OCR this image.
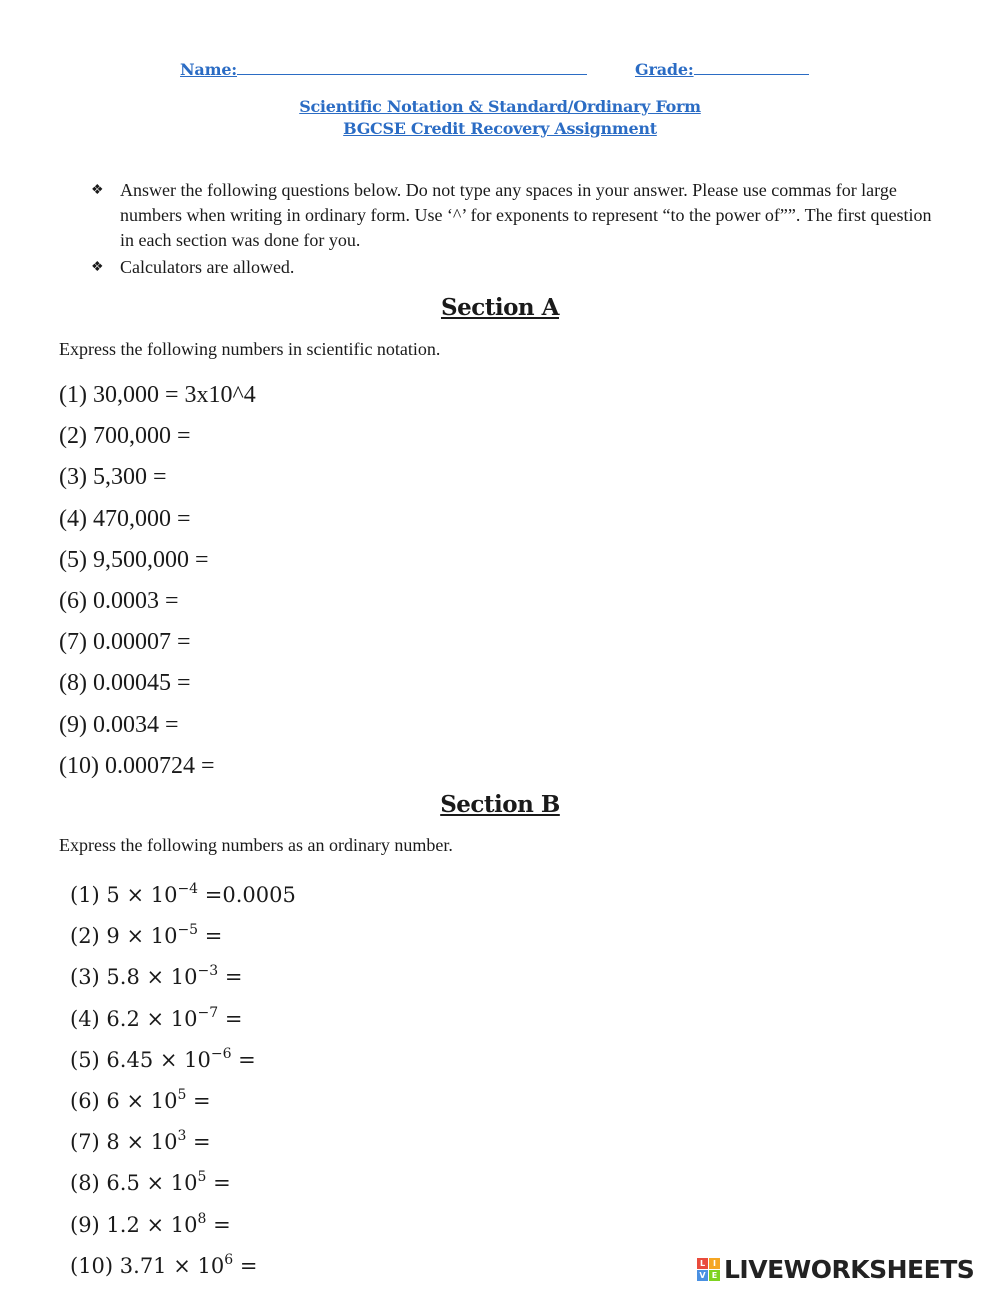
Name:	Grade:
Scientific Notation & Standard/Ordinary Form
BGCSE Credit Recovery Assignment
❖ Answer the following questions below. Do not type any spaces in your answer. Please use commas for large numbers when writing in ordinary form. Use ‘^’ for exponents to represent “to the power of””. The first question in each section was done for you.
❖ Calculators are allowed.
Section A
Express the following numbers in scientific notation.
(1) 30,000 = 3x10^4
(2) 700,000 =
(3) 5,300 =
(4) 470,000 =
(5) 9,500,000 =
(6) 0.0003 =
(7) 0.00007 =
(8) 0.00045 =
(9) 0.0034 =
(10) 0.000724 =
Section B
Express the following numbers as an ordinary number.
(1) $5 \times 10^{-4} =0.0005$
(2) $9 \times 10^{-5}$ =
(3) $5.8 \times 10^{-3}$ =
(4) $6.2 \times 10^{-7}$ =
(5) $6.45 \times 10^{-6}$ =
(6) $6 \times 10^5$ =
(7) $8 \times 10^3$ =
(8) $6.5 \times 10^5$ =
(9) $1.2 \times 10^8$ =
(10) $3.71 \times 10^6$ =	L I
V E LIVEWORKSHEETS
